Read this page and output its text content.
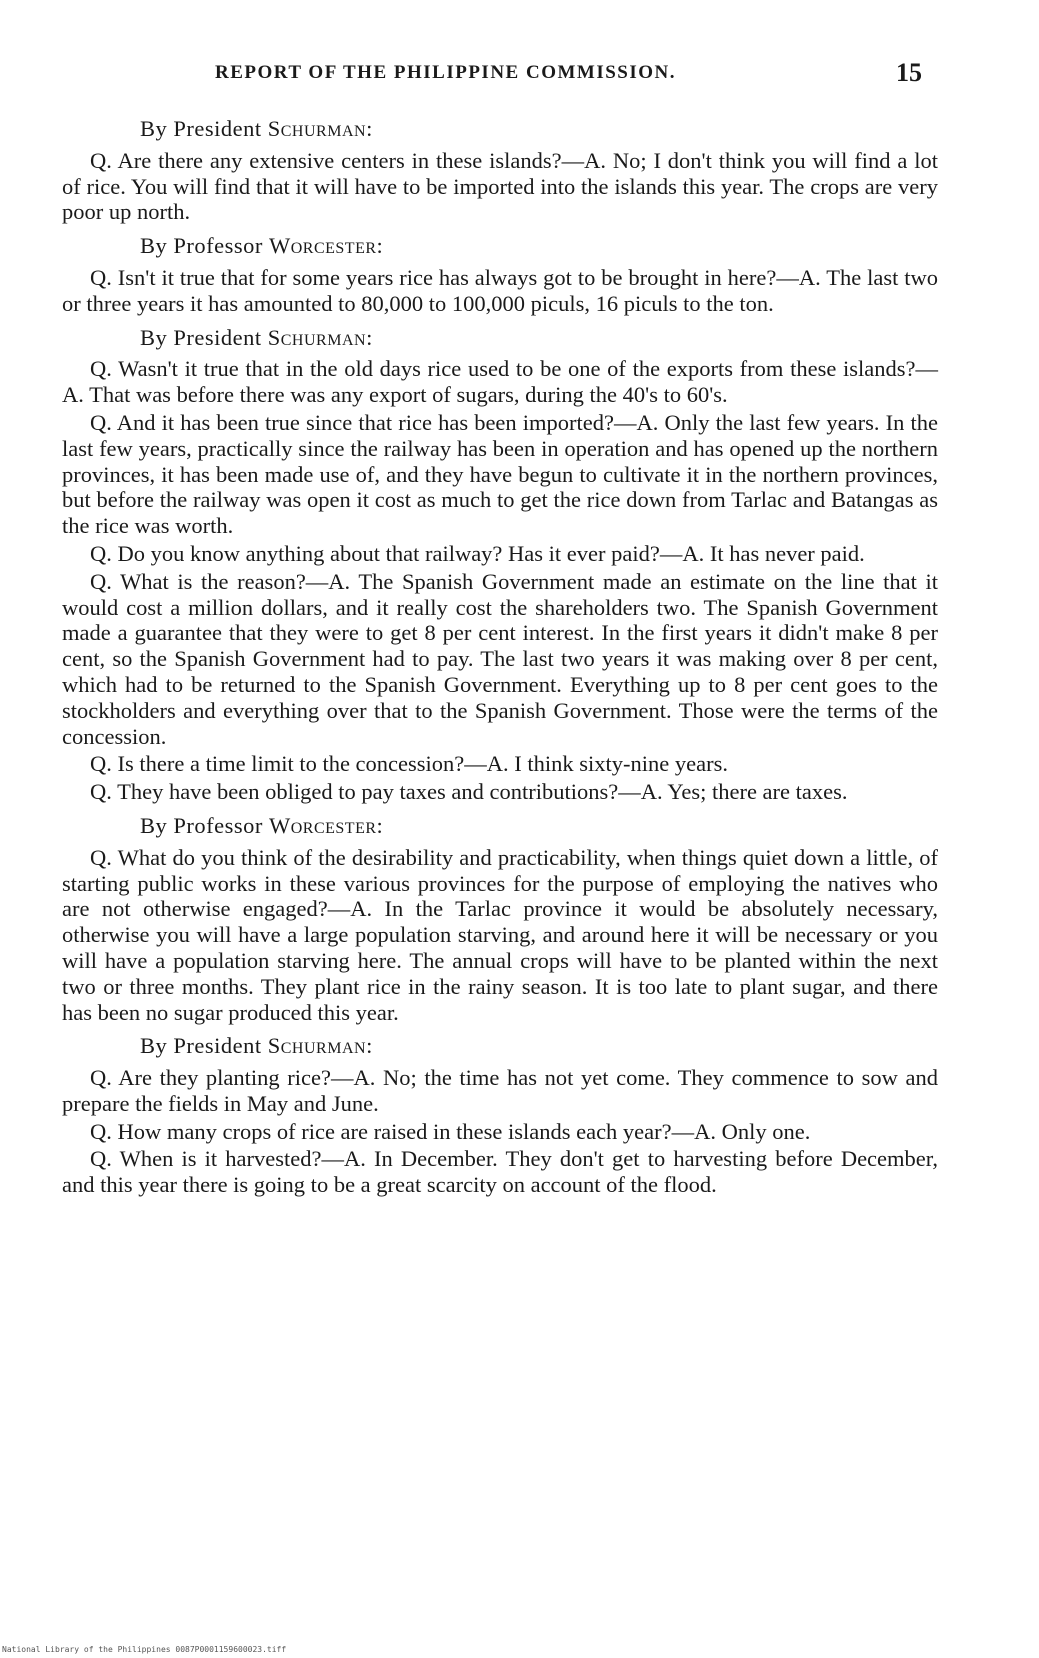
REPORT OF THE PHILIPPINE COMMISSION.	15
By President Schurman:

Q. Are there any extensive centers in these islands?—A. No; I don't think you will find a lot of rice. You will find that it will have to be imported into the islands this year. The crops are very poor up north.

By Professor Worcester:

Q. Isn't it true that for some years rice has always got to be brought in here?—A. The last two or three years it has amounted to 80,000 to 100,000 piculs, 16 piculs to the ton.

By President Schurman:

Q. Wasn't it true that in the old days rice used to be one of the exports from these islands?—A. That was before there was any export of sugars, during the 40's to 60's.

Q. And it has been true since that rice has been imported?—A. Only the last few years. In the last few years, practically since the railway has been in operation and has opened up the northern provinces, it has been made use of, and they have begun to cultivate it in the northern provinces, but before the railway was open it cost as much to get the rice down from Tarlac and Batangas as the rice was worth.

Q. Do you know anything about that railway? Has it ever paid?—A. It has never paid.

Q. What is the reason?—A. The Spanish Government made an estimate on the line that it would cost a million dollars, and it really cost the shareholders two. The Spanish Government made a guarantee that they were to get 8 per cent interest. In the first years it didn't make 8 per cent, so the Spanish Government had to pay. The last two years it was making over 8 per cent, which had to be returned to the Spanish Government. Everything up to 8 per cent goes to the stockholders and everything over that to the Spanish Government. Those were the terms of the concession.

Q. Is there a time limit to the concession?—A. I think sixty-nine years.

Q. They have been obliged to pay taxes and contributions?—A. Yes; there are taxes.

By Professor Worcester:

Q. What do you think of the desirability and practicability, when things quiet down a little, of starting public works in these various provinces for the purpose of employing the natives who are not otherwise engaged?—A. In the Tarlac province it would be absolutely necessary, otherwise you will have a large population starving, and around here it will be necessary or you will have a population starving here. The annual crops will have to be planted within the next two or three months. They plant rice in the rainy season. It is too late to plant sugar, and there has been no sugar produced this year.

By President Schurman:

Q. Are they planting rice?—A. No; the time has not yet come. They commence to sow and prepare the fields in May and June.

Q. How many crops of rice are raised in these islands each year?—A. Only one.

Q. When is it harvested?—A. In December. They don't get to harvesting before December, and this year there is going to be a great scarcity on account of the flood.

National Library of the Philippines 0087P0001159600023.tiff
